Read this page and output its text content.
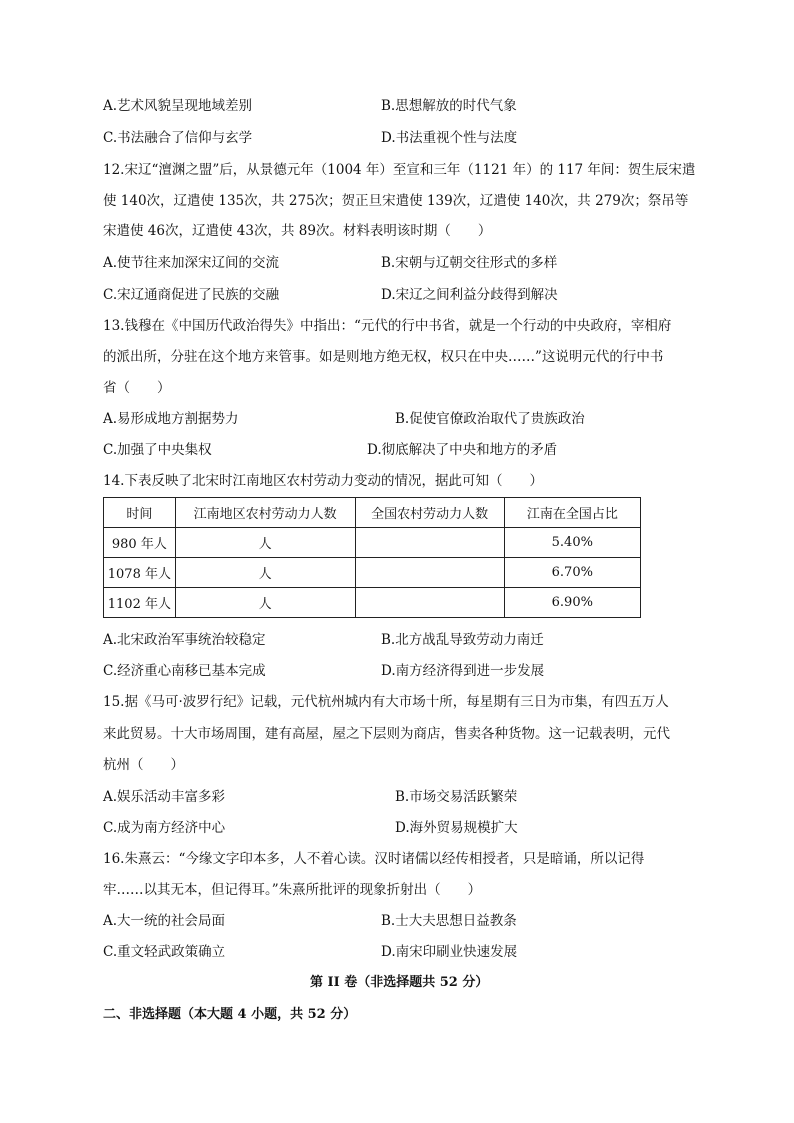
A.艺术风貌呈现地域差别	B.思想解放的时代气象
C.书法融合了信仰与玄学	D.书法重视个性与法度
12.宋辽“澶渊之盟”后，从景德元年（1004 年）至宣和三年（1121 年）的 117 年间：贺生辰宋遣
使 140次，辽遣使 135次，共 275次；贺正旦宋遣使 139次，辽遣使 140次，共 279次；祭吊等
宋遣使 46次，辽遣使 43次，共 89次。材料表明该时期（　　）
A.使节往来加深宋辽间的交流	B.宋朝与辽朝交往形式的多样
C.宋辽通商促进了民族的交融	D.宋辽之间利益分歧得到解决
13.钱穆在《中国历代政治得失》中指出：“元代的行中书省，就是一个行动的中央政府，宰相府
的派出所，分驻在这个地方来管事。如是则地方绝无权，权只在中央……”这说明元代的行中书
省（　　）
A.易形成地方割据势力	B.促使官僚政治取代了贵族政治
C.加强了中央集权	D.彻底解决了中央和地方的矛盾
14.下表反映了北宋时江南地区农村劳动力变动的情况，据此可知（　　）
时间	江南地区农村劳动力人数	全国农村劳动力人数	江南在全国占比
980 年人	人		5.40%
1078 年人	人		6.70%
1102 年人	人		6.90%
A.北宋政治军事统治较稳定	B.北方战乱导致劳动力南迁
C.经济重心南移已基本完成	D.南方经济得到进一步发展
15.据《马可·波罗行纪》记载，元代杭州城内有大市场十所，每星期有三日为市集，有四五万人
来此贸易。十大市场周围，建有高屋，屋之下层则为商店，售卖各种货物。这一记载表明，元代
杭州（　　）
A.娱乐活动丰富多彩	B.市场交易活跃繁荣
C.成为南方经济中心	D.海外贸易规模扩大
16.朱熹云：“今缘文字印本多，人不着心读。汉时诸儒以经传相授者，只是暗诵，所以记得
牢……以其无本，但记得耳。”朱熹所批评的现象折射出（　　）
A.大一统的社会局面	B.士大夫思想日益教条
C.重文轻武政策确立	D.南宋印刷业快速发展
第 II 卷（非选择题共 52 分）
二、非选择题（本大题 4 小题，共 52 分）
